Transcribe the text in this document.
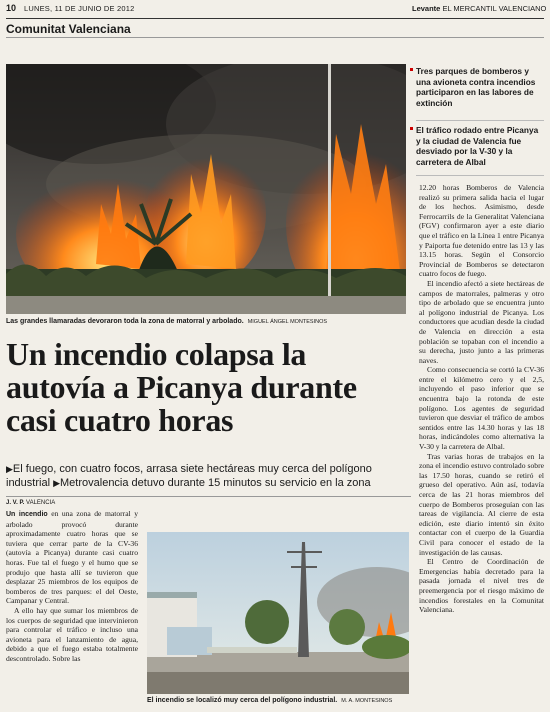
10 LUNES, 11 DE JUNIO DE 2012	Levante EL MERCANTIL VALENCIANO
Comunitat Valenciana
Las grandes llamaradas devoraron toda la zona de matorral y arbolado. MIGUEL ÁNGEL MONTESINOS
Tres parques de bomberos y una avioneta contra incendios participaron en las labores de extinción
El tráfico rodado entre Picanya y la ciudad de Valencia fue desviado por la V-30 y la carretera de Albal

12.20 horas Bomberos de Valencia realizó su primera salida hacia el lugar de los hechos. Asimismo, desde Ferrocarrils de la Generalitat Valenciana (FGV) confirmaron ayer a este diario que el tráfico en la Línea 1 entre Picanya y Paiporta fue detenido entre las 13 y las 13.15 horas. Según el Consorcio Provincial de Bomberos se detectaron cuatro focos de fuego.

El incendio afectó a siete hectáreas de campos de matorrales, palmeras y otro tipo de arbolado que se encuentra junto al polígono industrial de Picanya. Los conductores que acudían desde la ciudad de Valencia en dirección a esta población se topaban con el incendio a su derecha, justo junto a las primeras naves.

Como consecuencia se cortó la CV-36 entre el kilómetro cero y el 2,5, incluyendo el paso inferior que se encuentra bajo la rotonda de este polígono. Los agentes de seguridad tuvieron que desviar el tráfico de ambos sentidos entre las 14.30 horas y las 18 horas, indicándoles como alternativa la V-30 y la carretera de Albal.

Tras varias horas de trabajos en la zona el incendio estuvo controlado sobre las 17.50 horas, cuando se retiró el grueso del operativo. Aún así, todavía cerca de las 21 horas miembros del cuerpo de Bomberos proseguían con las tareas de vigilancia. Al cierre de esta edición, este diario intentó sin éxito contactar con el cuerpo de la Guardia Civil para conocer el estado de la investigación de las causas.

El Centro de Coordinación de Emergencias había decretado para la pasada jornada el nivel tres de preemergencia por el riesgo máximo de incendios forestales en la Comunitat Valenciana.

Un incendio colapsa la autovía a Picanya durante casi cuatro horas
▶El fuego, con cuatro focos, arrasa siete hectáreas muy cerca del polígono industrial ▶Metrovalencia detuvo durante 15 minutos su servicio en la zona
J. V. P. VALENCIA

Un incendio en una zona de matorral y arbolado provocó durante aproximadamente cuatro horas que se tuviera que cerrar parte de la CV-36 (autovía a Picanya) durante casi cuatro horas. Fue tal el fuego y el humo que se produjo que hasta allí se tuvieron que desplazar 25 miembros de los equipos de bomberos de tres parques: el del Oeste, Campanar y Central.

A ello hay que sumar los miembros de los cuerpos de seguridad que intervinieron para controlar el tráfico e incluso una avioneta para el lanzamiento de agua, debido a que el fuego estaba totalmente descontrolado. Sobre las

El incendio se localizó muy cerca del polígono industrial. M. A. MONTESINOS
